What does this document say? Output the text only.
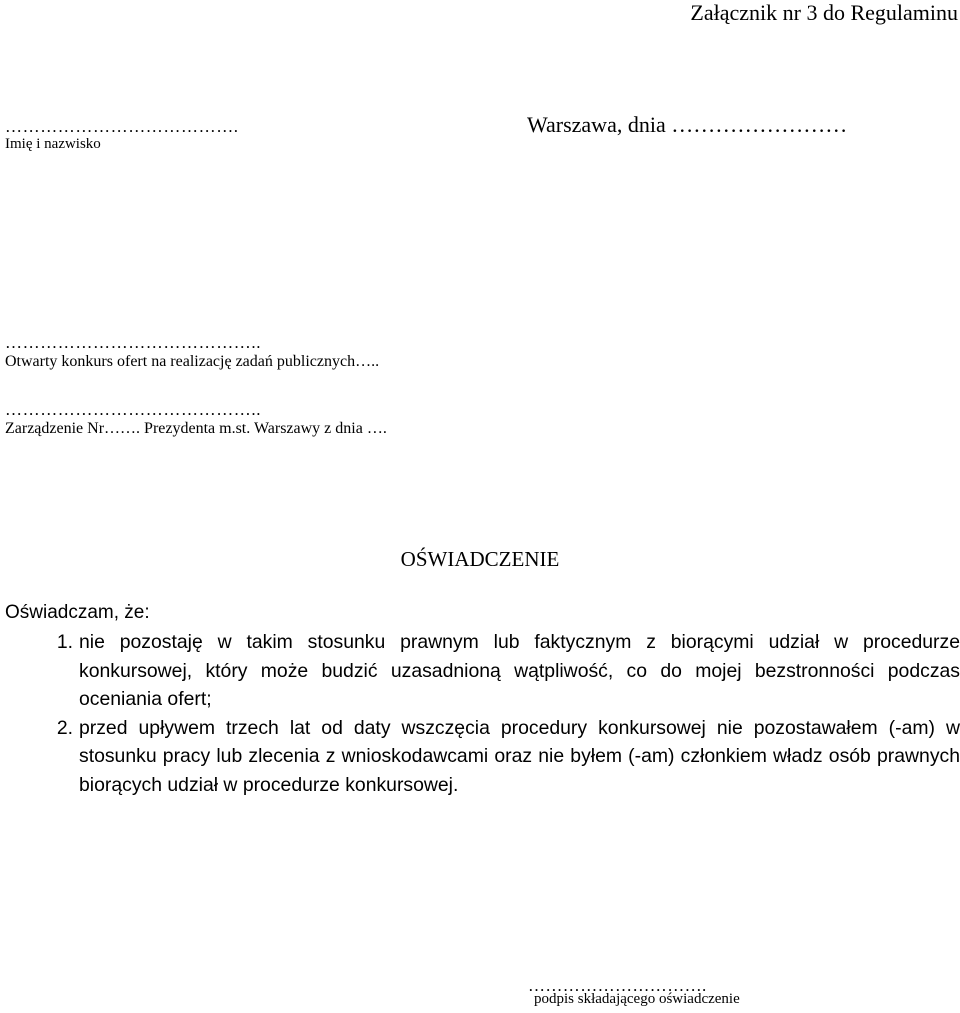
Załącznik nr 3 do Regulaminu
………………………………….
Imię i nazwisko
Warszawa, dnia ……………………
……………………………………..
Otwarty konkurs ofert na realizację zadań publicznych…..
……………………………………..
Zarządzenie Nr……. Prezydenta m.st. Warszawy z dnia ….
OŚWIADCZENIE
Oświadczam, że:
1. nie pozostaję w takim stosunku prawnym lub faktycznym z biorącymi udział w procedurze konkursowej, który może budzić uzasadnioną wątpliwość, co do mojej bezstronności podczas oceniania ofert;
2. przed upływem trzech lat od daty wszczęcia procedury konkursowej nie pozostawałem (-am) w stosunku pracy lub zlecenia z wnioskodawcami oraz nie byłem (-am) członkiem władz osób prawnych biorących udział w procedurze konkursowej.
………………………….
podpis składającego oświadczenie
